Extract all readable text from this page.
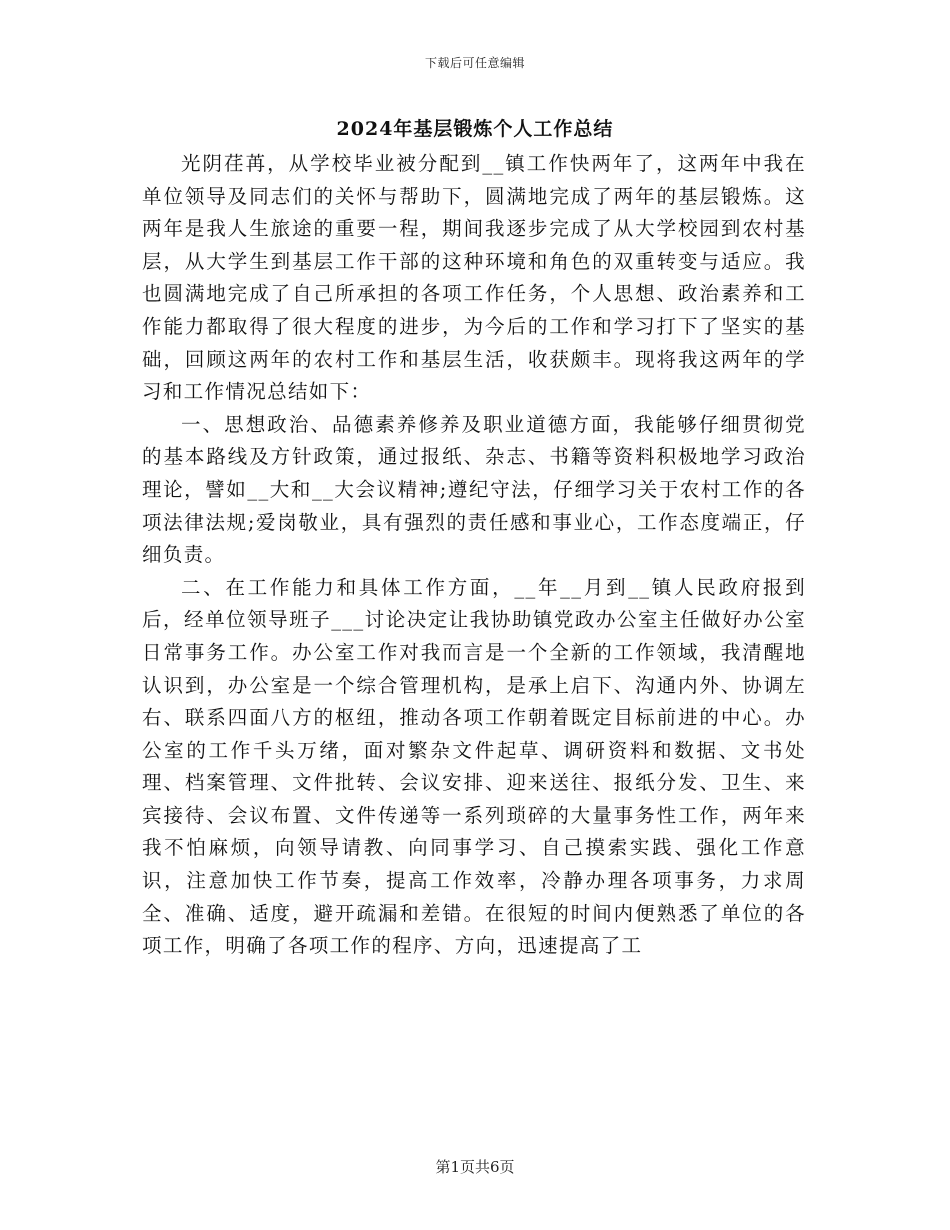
下载后可任意编辑
2024年基层锻炼个人工作总结

光阴荏苒，从学校毕业被分配到__镇工作快两年了，这两年中我在单位领导及同志们的关怀与帮助下，圆满地完成了两年的基层锻炼。这两年是我人生旅途的重要一程，期间我逐步完成了从大学校园到农村基层，从大学生到基层工作干部的这种环境和角色的双重转变与适应。我也圆满地完成了自己所承担的各项工作任务，个人思想、政治素养和工作能力都取得了很大程度的进步，为今后的工作和学习打下了坚实的基础，回顾这两年的农村工作和基层生活，收获颇丰。现将我这两年的学习和工作情况总结如下：

一、思想政治、品德素养修养及职业道德方面，我能够仔细贯彻党的基本路线及方针政策，通过报纸、杂志、书籍等资料积极地学习政治理论，譬如__大和__大会议精神;遵纪守法，仔细学习关于农村工作的各项法律法规;爱岗敬业，具有强烈的责任感和事业心，工作态度端正，仔细负责。

二、在工作能力和具体工作方面，__年__月到__镇人民政府报到后，经单位领导班子___讨论决定让我协助镇党政办公室主任做好办公室日常事务工作。办公室工作对我而言是一个全新的工作领域，我清醒地认识到，办公室是一个综合管理机构，是承上启下、沟通内外、协调左右、联系四面八方的枢纽，推动各项工作朝着既定目标前进的中心。办公室的工作千头万绪，面对繁杂文件起草、调研资料和数据、文书处理、档案管理、文件批转、会议安排、迎来送往、报纸分发、卫生、来宾接待、会议布置、文件传递等一系列琐碎的大量事务性工作，两年来我不怕麻烦，向领导请教、向同事学习、自己摸索实践、强化工作意识，注意加快工作节奏，提高工作效率，冷静办理各项事务，力求周全、准确、适度，避开疏漏和差错。在很短的时间内便熟悉了单位的各项工作，明确了各项工作的程序、方向，迅速提高了工

第1页共6页
